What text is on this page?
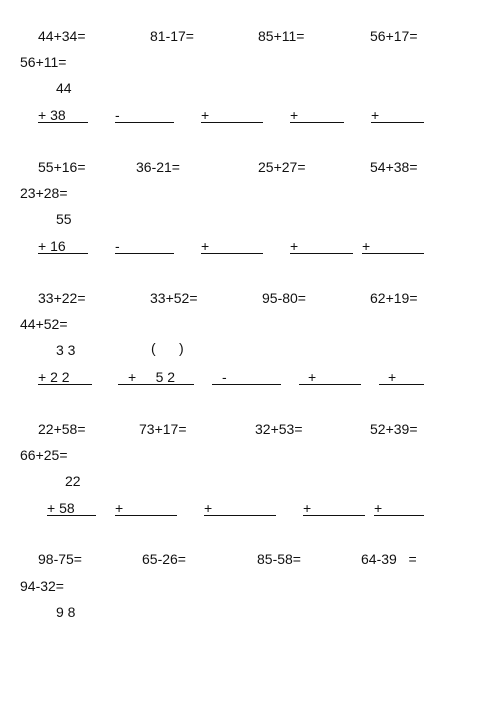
44+34=	81-17=	85+11=	56+17=
56+11=
44
+ 38	-	+	+	+
55+16=	36-21=	25+27=	54+38=
23+28=
55
+ 16	-	+	+	+
33+22=	33+52=	95-80=	62+19=
44+52=
3 3	(      )
+ 2 2	+     5 2	-	+	+
22+58=	73+17=	32+53=	52+39=
66+25=
22
+ 58	+	+	+	+
98-75=	65-26=	85-58=	64-39   =
94-32=
9 8
